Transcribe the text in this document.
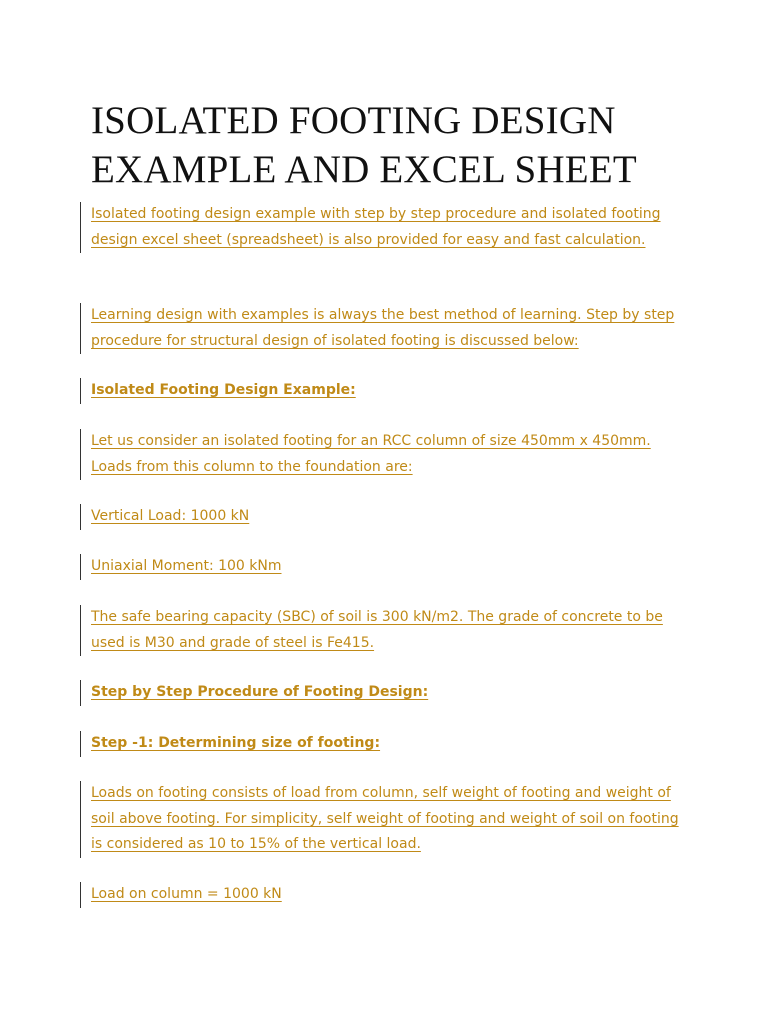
ISOLATED FOOTING DESIGN EXAMPLE AND EXCEL SHEET

Isolated footing design example with step by step procedure and isolated footing design excel sheet (spreadsheet) is also provided for easy and fast calculation.

Learning design with examples is always the best method of learning. Step by step procedure for structural design of isolated footing is discussed below:

Isolated Footing Design Example:

Let us consider an isolated footing for an RCC column of size 450mm x 450mm. Loads from this column to the foundation are:

Vertical Load: 1000 kN

Uniaxial Moment: 100 kNm

The safe bearing capacity (SBC) of soil is 300 kN/m2. The grade of concrete to be used is M30 and grade of steel is Fe415.

Step by Step Procedure of Footing Design:

Step -1: Determining size of footing:

Loads on footing consists of load from column, self weight of footing and weight of soil above footing. For simplicity, self weight of footing and weight of soil on footing is considered as 10 to 15% of the vertical load.

Load on column = 1000 kN
